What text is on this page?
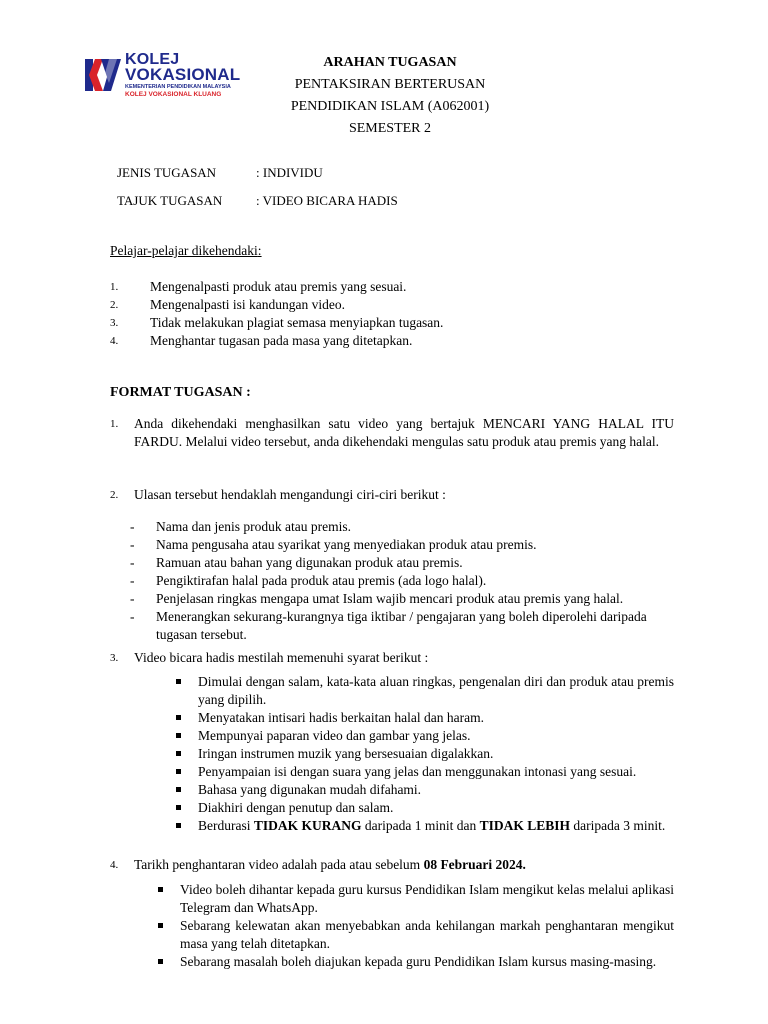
KOLEJ
VOKASIONAL
KEMENTERIAN PENDIDIKAN MALAYSIA
KOLEJ VOKASIONAL KLUANG
ARAHAN TUGASAN
PENTAKSIRAN BERTERUSAN
PENDIDIKAN ISLAM (A062001)
SEMESTER 2
JENIS TUGASAN	: INDIVIDU
TAJUK TUGASAN	: VIDEO BICARA HADIS
Pelajar-pelajar dikehendaki:
1. Mengenalpasti produk atau premis yang sesuai.
2. Mengenalpasti isi kandungan video.
3. Tidak melakukan plagiat semasa menyiapkan tugasan.
4. Menghantar tugasan pada masa yang ditetapkan.
FORMAT TUGASAN :
1. Anda dikehendaki menghasilkan satu video yang bertajuk MENCARI YANG HALAL ITU FARDU. Melalui video tersebut, anda dikehendaki mengulas satu produk atau premis yang halal.
2. Ulasan tersebut hendaklah mengandungi ciri-ciri berikut :
- Nama dan jenis produk atau premis.
- Nama pengusaha atau syarikat yang menyediakan produk atau premis.
- Ramuan atau bahan yang digunakan produk atau premis.
- Pengiktirafan halal pada produk atau premis (ada logo halal).
- Penjelasan ringkas mengapa umat Islam wajib mencari produk atau premis yang halal.
- Menerangkan sekurang-kurangnya tiga iktibar / pengajaran yang boleh diperolehi daripada tugasan tersebut.
3. Video bicara hadis mestilah memenuhi syarat berikut :
Dimulai dengan salam, kata-kata aluan ringkas, pengenalan diri dan produk atau premis yang dipilih.
Menyatakan intisari hadis berkaitan halal dan haram.
Mempunyai paparan video dan gambar yang jelas.
Iringan instrumen muzik yang bersesuaian digalakkan.
Penyampaian isi dengan suara yang jelas dan menggunakan intonasi yang sesuai.
Bahasa yang digunakan mudah difahami.
Diakhiri dengan penutup dan salam.
Berdurasi TIDAK KURANG daripada 1 minit dan TIDAK LEBIH daripada 3 minit.
4. Tarikh penghantaran video adalah pada atau sebelum 08 Februari 2024.
Video boleh dihantar kepada guru kursus Pendidikan Islam mengikut kelas melalui aplikasi Telegram dan WhatsApp.
Sebarang kelewatan akan menyebabkan anda kehilangan markah penghantaran mengikut masa yang telah ditetapkan.
Sebarang masalah boleh diajukan kepada guru Pendidikan Islam kursus masing-masing.
